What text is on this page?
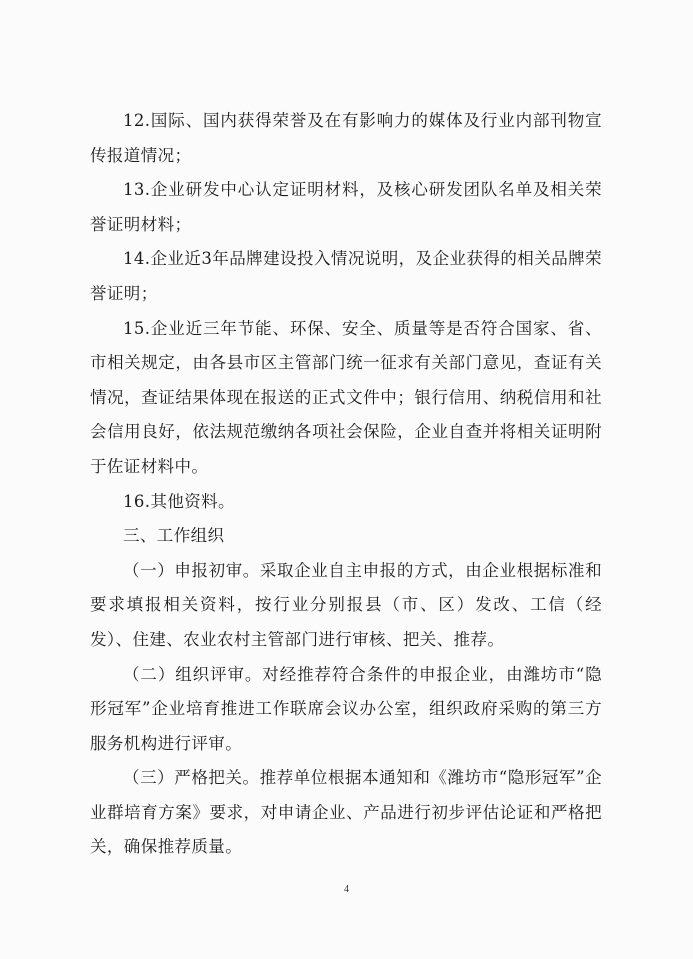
12.国际、国内获得荣誉及在有影响力的媒体及行业内部刊物宣传报道情况；

13.企业研发中心认定证明材料，及核心研发团队名单及相关荣誉证明材料；

14.企业近3年品牌建设投入情况说明，及企业获得的相关品牌荣誉证明；

15.企业近三年节能、环保、安全、质量等是否符合国家、省、市相关规定，由各县市区主管部门统一征求有关部门意见，查证有关情况，查证结果体现在报送的正式文件中；银行信用、纳税信用和社会信用良好，依法规范缴纳各项社会保险，企业自查并将相关证明附于佐证材料中。

16.其他资料。

三、工作组织

（一）申报初审。采取企业自主申报的方式，由企业根据标准和要求填报相关资料，按行业分别报县（市、区）发改、工信（经发）、住建、农业农村主管部门进行审核、把关、推荐。

（二）组织评审。对经推荐符合条件的申报企业，由潍坊市“隐形冠军”企业培育推进工作联席会议办公室，组织政府采购的第三方服务机构进行评审。

（三）严格把关。推荐单位根据本通知和《潍坊市“隐形冠军”企业群培育方案》要求，对申请企业、产品进行初步评估论证和严格把关，确保推荐质量。

4
